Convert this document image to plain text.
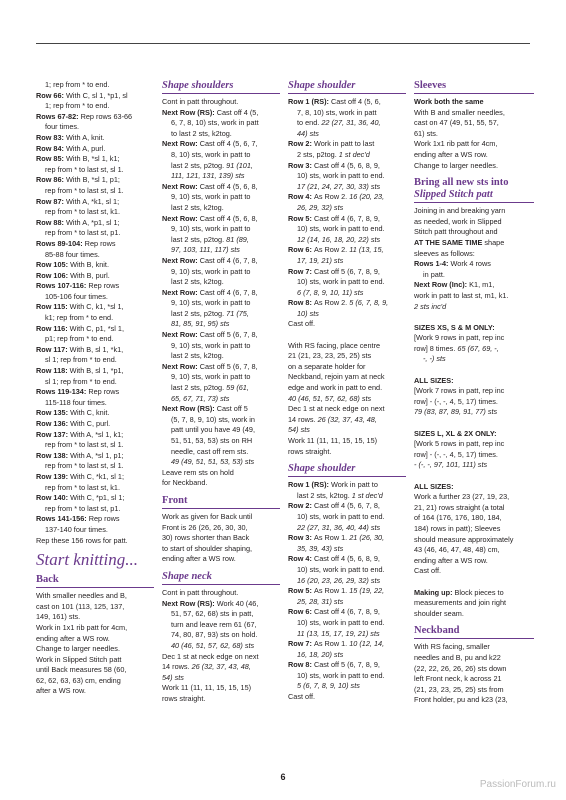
1; rep from * to end.

Row 66: With C, sl 1, *p1, sl

1; rep from * to end.

Rows 67-82: Rep rows 63-66

four times.

Row 83: With A, knit.

Row 84: With A, purl.

Row 85: With B, *sl 1, k1;

rep from * to last st, sl 1.

Row 86: With B, *sl 1, p1;

rep from * to last st, sl 1.

Row 87: With A, *k1, sl 1;

rep from * to last st, k1.

Row 88: With A, *p1, sl 1;

rep from * to last st, p1.

Rows 89-104: Rep rows

85-88 four times.

Row 105: With B, knit.

Row 106: With B, purl.

Rows 107-116: Rep rows

105-106 four times.

Row 115: With C, k1, *sl 1,

k1; rep from * to end.

Row 116: With C, p1, *sl 1,

p1; rep from * to end.

Row 117: With B, sl 1, *k1,

sl 1; rep from * to end.

Row 118: With B, sl 1, *p1,

sl 1; rep from * to end.

Rows 119-134: Rep rows

115-118 four times.

Row 135: With C, knit.

Row 136: With C, purl.

Row 137: With A, *sl 1, k1;

rep from * to last st, sl 1.

Row 138: With A, *sl 1, p1;

rep from * to last st, sl 1.

Row 139: With C, *k1, sl 1;

rep from * to last st, k1.

Row 140: With C, *p1, sl 1;

rep from * to last st, p1.

Rows 141-156: Rep rows

137-140 four times.

Rep these 156 rows for patt.

Start knitting...
Back

With smaller needles and B,

cast on 101 (113, 125, 137,

149, 161) sts.

Work in 1x1 rib patt for 4cm,

ending after a WS row.

Change to larger needles.

Work in Slipped Stitch patt

until Back measures 58 (60,

62, 62, 63, 63) cm, ending

after a WS row.

Shape shoulders

Cont in patt throughout.

Next Row (RS): Cast off 4 (5,

6, 7, 8, 10) sts, work in patt

to last 2 sts, k2tog.

Next Row: Cast off 4 (5, 6, 7,

8, 10) sts, work in patt to

last 2 sts, p2tog. 91 (101,

111, 121, 131, 139) sts

Next Row: Cast off 4 (5, 6, 8,

9, 10) sts, work in patt to

last 2 sts, k2tog.

Next Row: Cast off 4 (5, 6, 8,

9, 10) sts, work in patt to

last 2 sts, p2tog. 81 (89,

97, 103, 111, 117) sts

Next Row: Cast off 4 (6, 7, 8,

9, 10) sts, work in patt to

last 2 sts, k2tog.

Next Row: Cast off 4 (6, 7, 8,

9, 10) sts, work in patt to

last 2 sts, p2tog. 71 (75,

81, 85, 91, 95) sts

Next Row: Cast off 5 (6, 7, 8,

9, 10) sts, work in patt to

last 2 sts, k2tog.

Next Row: Cast off 5 (6, 7, 8,

9, 10) sts, work in patt to

last 2 sts, p2tog. 59 (61,

65, 67, 71, 73) sts

Next Row (RS): Cast off 5

(5, 7, 8, 9, 10) sts, work in

patt until you have 49 (49,

51, 51, 53, 53) sts on RH

needle, cast off rem sts.

49 (49, 51, 51, 53, 53) sts

Leave rem sts on hold

for Neckband.

Front

Work as given for Back until

Front is 26 (26, 26, 30, 30,

30) rows shorter than Back

to start of shoulder shaping,

ending after a WS row.

Shape neck

Cont in patt throughout.

Next Row (RS): Work 40 (46,

51, 57, 62, 68) sts in patt,

turn and leave rem 61 (67,

74, 80, 87, 93) sts on hold.

40 (46, 51, 57, 62, 68) sts

Dec 1 st at neck edge on next

14 rows. 26 (32, 37, 43, 48,

54) sts

Work 11 (11, 11, 15, 15, 15)

rows straight.

Shape shoulder

Row 1 (RS): Cast off 4 (5, 6,

7, 8, 10) sts, work in patt

to end. 22 (27, 31, 36, 40,

44) sts

Row 2: Work in patt to last

2 sts, p2tog. 1 st dec'd

Row 3: Cast off 4 (5, 6, 8, 9,

10) sts, work in patt to end.

17 (21, 24, 27, 30, 33) sts

Row 4: As Row 2. 16 (20, 23,

26, 29, 32) sts

Row 5: Cast off 4 (6, 7, 8, 9,

10) sts, work in patt to end.

12 (14, 16, 18, 20, 22) sts

Row 6: As Row 2. 11 (13, 15,

17, 19, 21) sts

Row 7: Cast off 5 (6, 7, 8, 9,

10) sts, work in patt to end.

6 (7, 8, 9, 10, 11) sts

Row 8: As Row 2. 5 (6, 7, 8, 9,

10) sts

Cast off.

With RS facing, place centre

21 (21, 23, 23, 25, 25) sts

on a separate holder for

Neckband, rejoin yarn at neck

edge and work in patt to end.

40 (46, 51, 57, 62, 68) sts

Dec 1 st at neck edge on next

14 rows. 26 (32, 37, 43, 48,

54) sts

Work 11 (11, 11, 15, 15, 15)

rows straight.

Shape shoulder

Row 1 (RS): Work in patt to

last 2 sts, k2tog. 1 st dec'd

Row 2: Cast off 4 (5, 6, 7, 8,

10) sts, work in patt to end.

22 (27, 31, 36, 40, 44) sts

Row 3: As Row 1. 21 (26, 30,

35, 39, 43) sts

Row 4: Cast off 4 (5, 6, 8, 9,

10) sts, work in patt to end.

16 (20, 23, 26, 29, 32) sts

Row 5: As Row 1. 15 (19, 22,

25, 28, 31) sts

Row 6: Cast off 4 (6, 7, 8, 9,

10) sts, work in patt to end.

11 (13, 15, 17, 19, 21) sts

Row 7: As Row 1. 10 (12, 14,

16, 18, 20) sts

Row 8: Cast off 5 (6, 7, 8, 9,

10) sts, work in patt to end.

5 (6, 7, 8, 9, 10) sts

Cast off.

Sleeves

Work both the same

With B and smaller needles,

cast on 47 (49, 51, 55, 57,

61) sts.

Work 1x1 rib patt for 4cm,

ending after a WS row.

Change to larger needles.

Bring all new sts into
Slipped Stitch patt

Joining in and breaking yarn

as needed, work in Slipped

Stitch patt throughout and

AT THE SAME TIME shape

sleeves as follows:

Rows 1-4: Work 4 rows

in patt.

Next Row (Inc): K1, m1,

work in patt to last st, m1, k1.

2 sts inc'd

SIZES XS, S & M ONLY:

[Work 9 rows in patt, rep inc

row] 8 times. 65 (67, 69, -,

-, -) sts

ALL SIZES:

[Work 7 rows in patt, rep inc

row] - (-, -, 4, 5, 17) times.

79 (83, 87, 89, 91, 77) sts

SIZES L, XL & 2X ONLY:

[Work 5 rows in patt, rep inc

row] - (-, -, 4, 5, 17) times.

- (-, -, 97, 101, 111) sts

ALL SIZES:

Work a further 23 (27, 19, 23,

21, 21) rows straight (a total

of 164 (176, 176, 180, 184,

184) rows in patt); Sleeves

should measure approximately

43 (46, 46, 47, 48, 48) cm,

ending after a WS row.

Cast off.

Making up: Block pieces to

measurements and join right

shoulder seam.

Neckband

With RS facing, smaller

needles and B, pu and k22

(22, 22, 26, 26, 26) sts down

left Front neck, k across 21

(21, 23, 23, 25, 25) sts from

Front holder, pu and k23 (23,

6
PassionForum.ru
